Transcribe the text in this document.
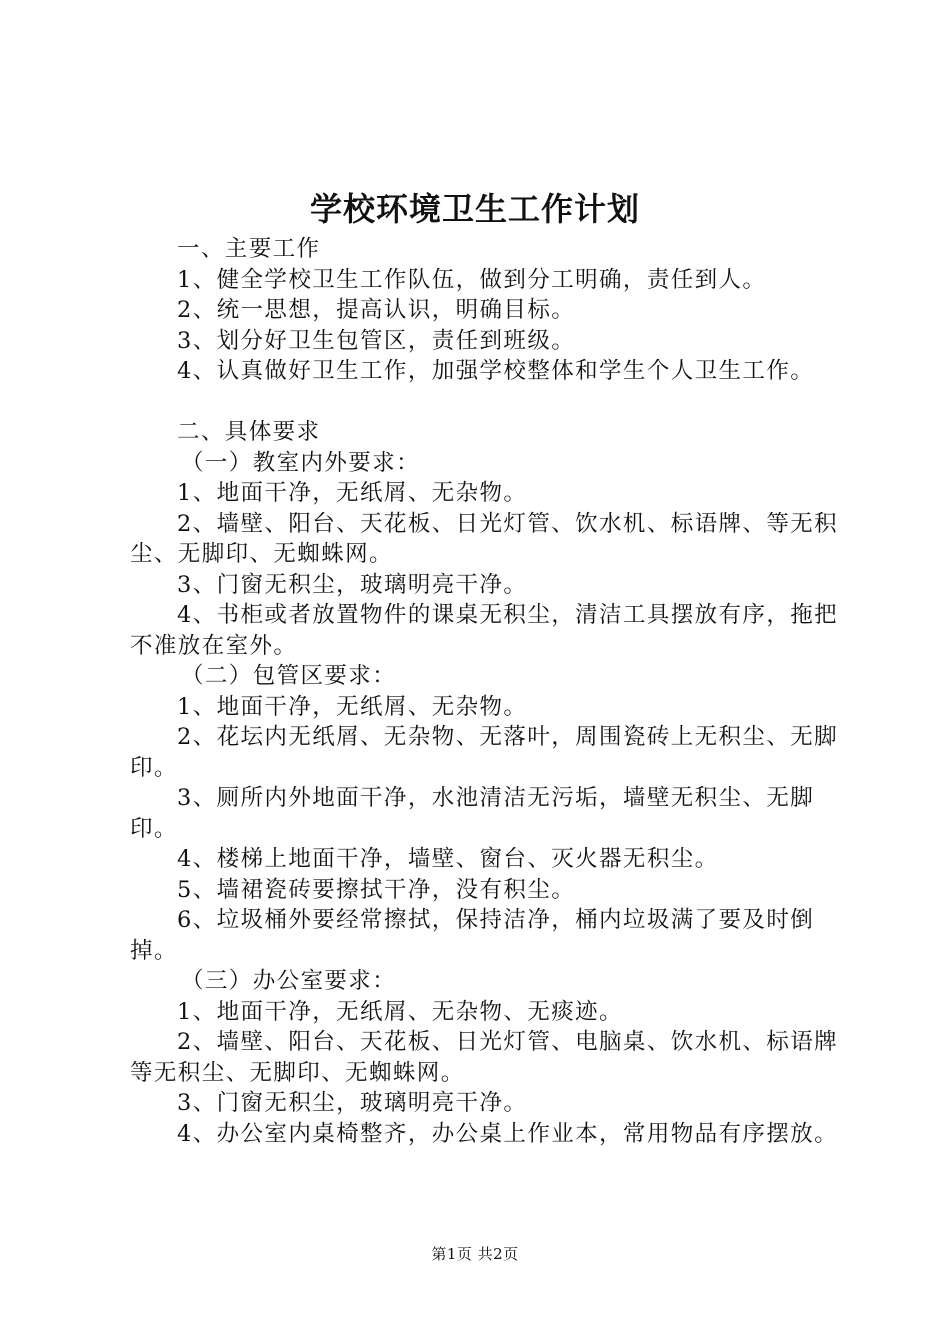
学校环境卫生工作计划

一、主要工作

1、健全学校卫生工作队伍，做到分工明确，责任到人。

2、统一思想，提高认识，明确目标。

3、划分好卫生包管区，责任到班级。

4、认真做好卫生工作，加强学校整体和学生个人卫生工作。

二、具体要求

（一）教室内外要求：

1、地面干净，无纸屑、无杂物。

2、墙壁、阳台、天花板、日光灯管、饮水机、标语牌、等无积尘、无脚印、无蜘蛛网。

3、门窗无积尘，玻璃明亮干净。

4、书柜或者放置物件的课桌无积尘，清洁工具摆放有序，拖把不准放在室外。

（二）包管区要求：

1、地面干净，无纸屑、无杂物。

2、花坛内无纸屑、无杂物、无落叶，周围瓷砖上无积尘、无脚印。

3、厕所内外地面干净，水池清洁无污垢，墙壁无积尘、无脚印。

4、楼梯上地面干净，墙壁、窗台、灭火器无积尘。

5、墙裙瓷砖要擦拭干净，没有积尘。

6、垃圾桶外要经常擦拭，保持洁净，桶内垃圾满了要及时倒掉。

（三）办公室要求：

1、地面干净，无纸屑、无杂物、无痰迹。

2、墙壁、阳台、天花板、日光灯管、电脑桌、饮水机、标语牌等无积尘、无脚印、无蜘蛛网。

3、门窗无积尘，玻璃明亮干净。

4、办公室内桌椅整齐，办公桌上作业本，常用物品有序摆放。

第1页 共2页
